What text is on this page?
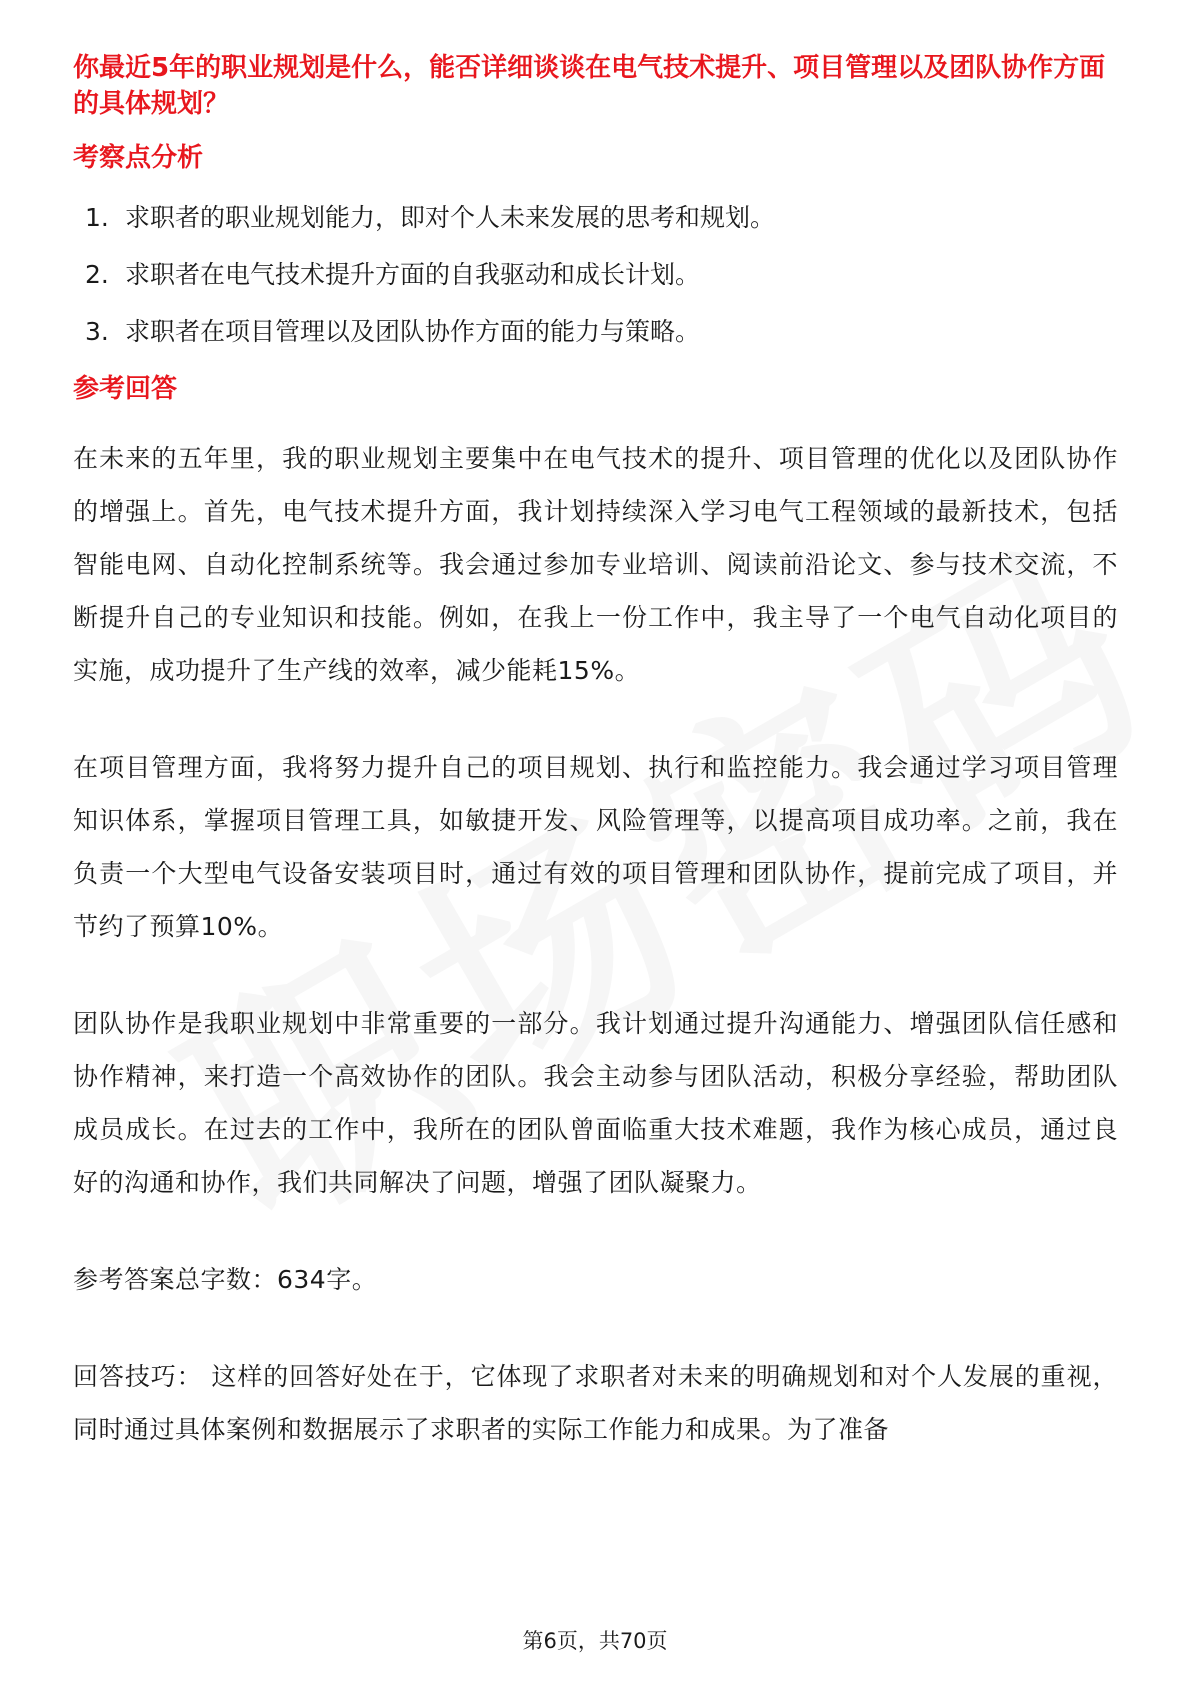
你最近5年的职业规划是什么，能否详细谈谈在电气技术提升、项目管理以及团队协作方面的具体规划？

考察点分析

1. 求职者的职业规划能力，即对个人未来发展的思考和规划。
2. 求职者在电气技术提升方面的自我驱动和成长计划。
3. 求职者在项目管理以及团队协作方面的能力与策略。

参考回答

在未来的五年里，我的职业规划主要集中在电气技术的提升、项目管理的优化以及团队协作的增强上。首先，电气技术提升方面，我计划持续深入学习电气工程领域的最新技术，包括智能电网、自动化控制系统等。我会通过参加专业培训、阅读前沿论文、参与技术交流，不断提升自己的专业知识和技能。例如，在我上一份工作中，我主导了一个电气自动化项目的实施，成功提升了生产线的效率，减少能耗15%。

在项目管理方面，我将努力提升自己的项目规划、执行和监控能力。我会通过学习项目管理知识体系，掌握项目管理工具，如敏捷开发、风险管理等，以提高项目成功率。之前，我在负责一个大型电气设备安装项目时，通过有效的项目管理和团队协作，提前完成了项目，并节约了预算10%。

团队协作是我职业规划中非常重要的一部分。我计划通过提升沟通能力、增强团队信任感和协作精神，来打造一个高效协作的团队。我会主动参与团队活动，积极分享经验，帮助团队成员成长。在过去的工作中，我所在的团队曾面临重大技术难题，我作为核心成员，通过良好的沟通和协作，我们共同解决了问题，增强了团队凝聚力。

参考答案总字数：634字。

回答技巧： 这样的回答好处在于，它体现了求职者对未来的明确规划和对个人发展的重视，同时通过具体案例和数据展示了求职者的实际工作能力和成果。为了准备

第6页，共70页
